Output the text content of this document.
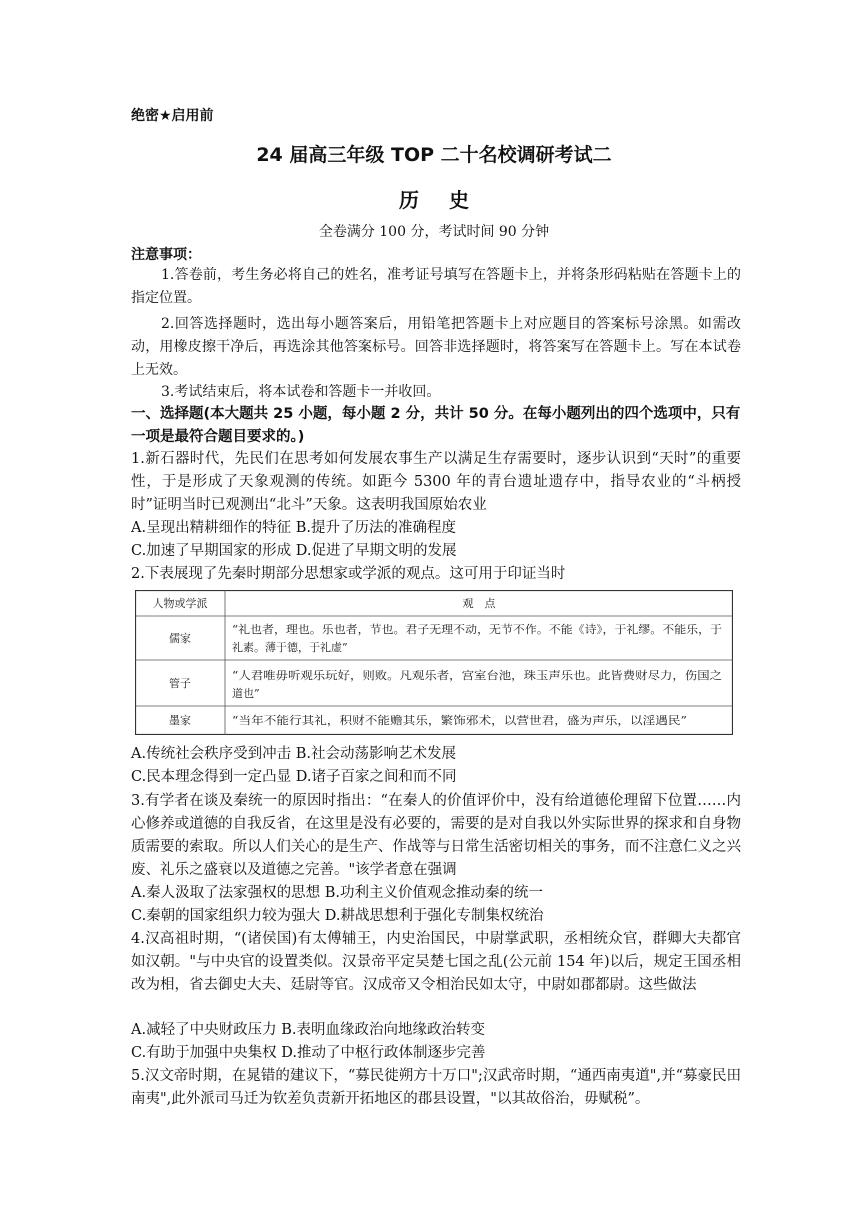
绝密★启用前
24 届高三年级 TOP 二十名校调研考试二
历史
全卷满分 100 分，考试时间 90 分钟
注意事项：
1.答卷前，考生务必将自己的姓名，准考证号填写在答题卡上，并将条形码粘贴在答题卡上的指定位置。
2.回答选择题时，选出每小题答案后，用铅笔把答题卡上对应题目的答案标号涂黑。如需改动，用橡皮擦干净后，再选涂其他答案标号。回答非选择题时，将答案写在答题卡上。写在本试卷上无效。
3.考试结束后，将本试卷和答题卡一并收回。
一、选择题(本大题共 25 小题，每小题 2 分，共计 50 分。在每小题列出的四个选项中，只有一项是最符合题目要求的。)
1.新石器时代，先民们在思考如何发展农事生产以满足生存需要时，逐步认识到“天时”的重要性，于是形成了天象观测的传统。如距今 5300 年的青台遗址遗存中，指导农业的“斗柄授时”证明当时已观测出“北斗”天象。这表明我国原始农业
A.呈现出精耕细作的特征 B.提升了历法的准确程度
C.加速了早期国家的形成 D.促进了早期文明的发展
2.下表展现了先秦时期部分思想家或学派的观点。这可用于印证当时
人物或学派	观　点
儒家
“礼也者，理也。乐也者，节也。君子无理不动，无节不作。不能《诗》，于礼缪。不能乐，于
礼素。薄于德，于礼虚”
管子
“人君唯毋听观乐玩好，则败。凡观乐者，宫室台池，珠玉声乐也。此皆费财尽力，伤国之
道也”
墨家	“当年不能行其礼，积财不能赡其乐，繁饰邪术，以营世君，盛为声乐，以淫遇民”
A.传统社会秩序受到冲击 B.社会动荡影响艺术发展
C.民本理念得到一定凸显 D.诸子百家之间和而不同
3.有学者在谈及秦统一的原因时指出：“在秦人的价值评价中，没有给道德伦理留下位置……内心修养或道德的自我反省，在这里是没有必要的，需要的是对自我以外实际世界的探求和自身物质需要的索取。所以人们关心的是生产、作战等与日常生活密切相关的事务，而不注意仁义之兴废、礼乐之盛衰以及道德之完善。"该学者意在强调
A.秦人汲取了法家强权的思想 B.功利主义价值观念推动秦的统一
C.秦朝的国家组织力较为强大 D.耕战思想利于强化专制集权统治
4.汉高祖时期，“(诸侯国)有太傅辅王，内史治国民，中尉掌武职，丞相统众官，群卿大夫都官如汉朝。"与中央官的设置类似。汉景帝平定吴楚七国之乱(公元前 154 年)以后，规定王国丞相改为相，省去御史大夫、廷尉等官。汉成帝又令相治民如太守，中尉如郡都尉。这些做法
A.减轻了中央财政压力 B.表明血缘政治向地缘政治转变
C.有助于加强中央集权 D.推动了中枢行政体制逐步完善
5.汉文帝时期，在晁错的建议下，“募民徙朔方十万口";汉武帝时期，“通西南夷道",并“募豪民田南夷",此外派司马迁为钦差负责新开拓地区的郡县设置，"以其故俗治，毋赋税”。
